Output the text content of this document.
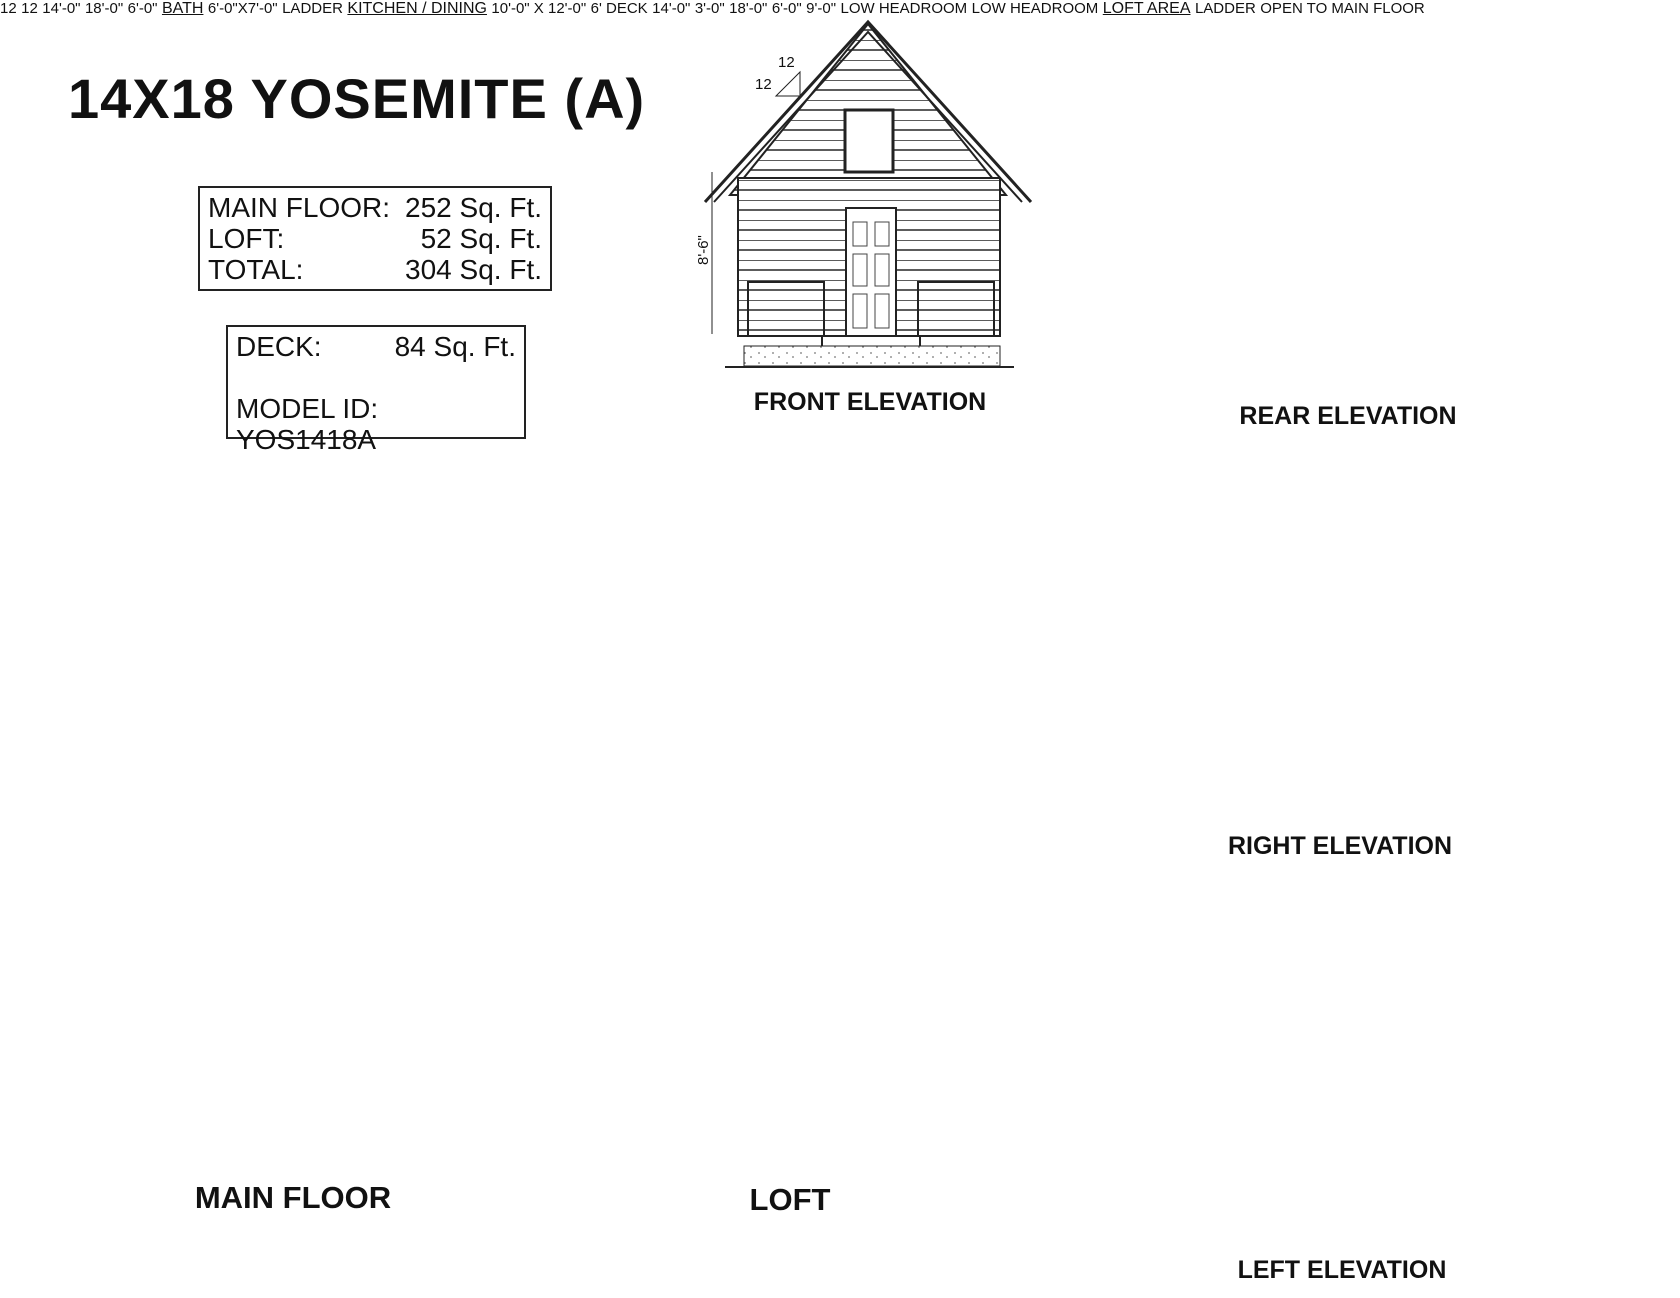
14X18 YOSEMITE (A)
MAIN FLOOR: 252 Sq. Ft.
LOFT:	52 Sq. Ft.
TOTAL:	304 Sq. Ft.
DECK:	84 Sq. Ft.
MODEL ID: YOS1418A
8'-6"
12
12
12 12 14'-0" 18'-0" 6'-0" BATH 6'-0"X7'-0" LADDER KITCHEN / DINING 10'-0" X 12'-0" 6' DECK 14'-0" 3'-0" 18'-0" 6'-0" 9'-0" LOW HEADROOM LOW HEADROOM LOFT AREA LADDER OPEN TO MAIN FLOOR
FRONT ELEVATION	REAR ELEVATION
RIGHT ELEVATION
LEFT ELEVATION
MAIN FLOOR	LOFT
